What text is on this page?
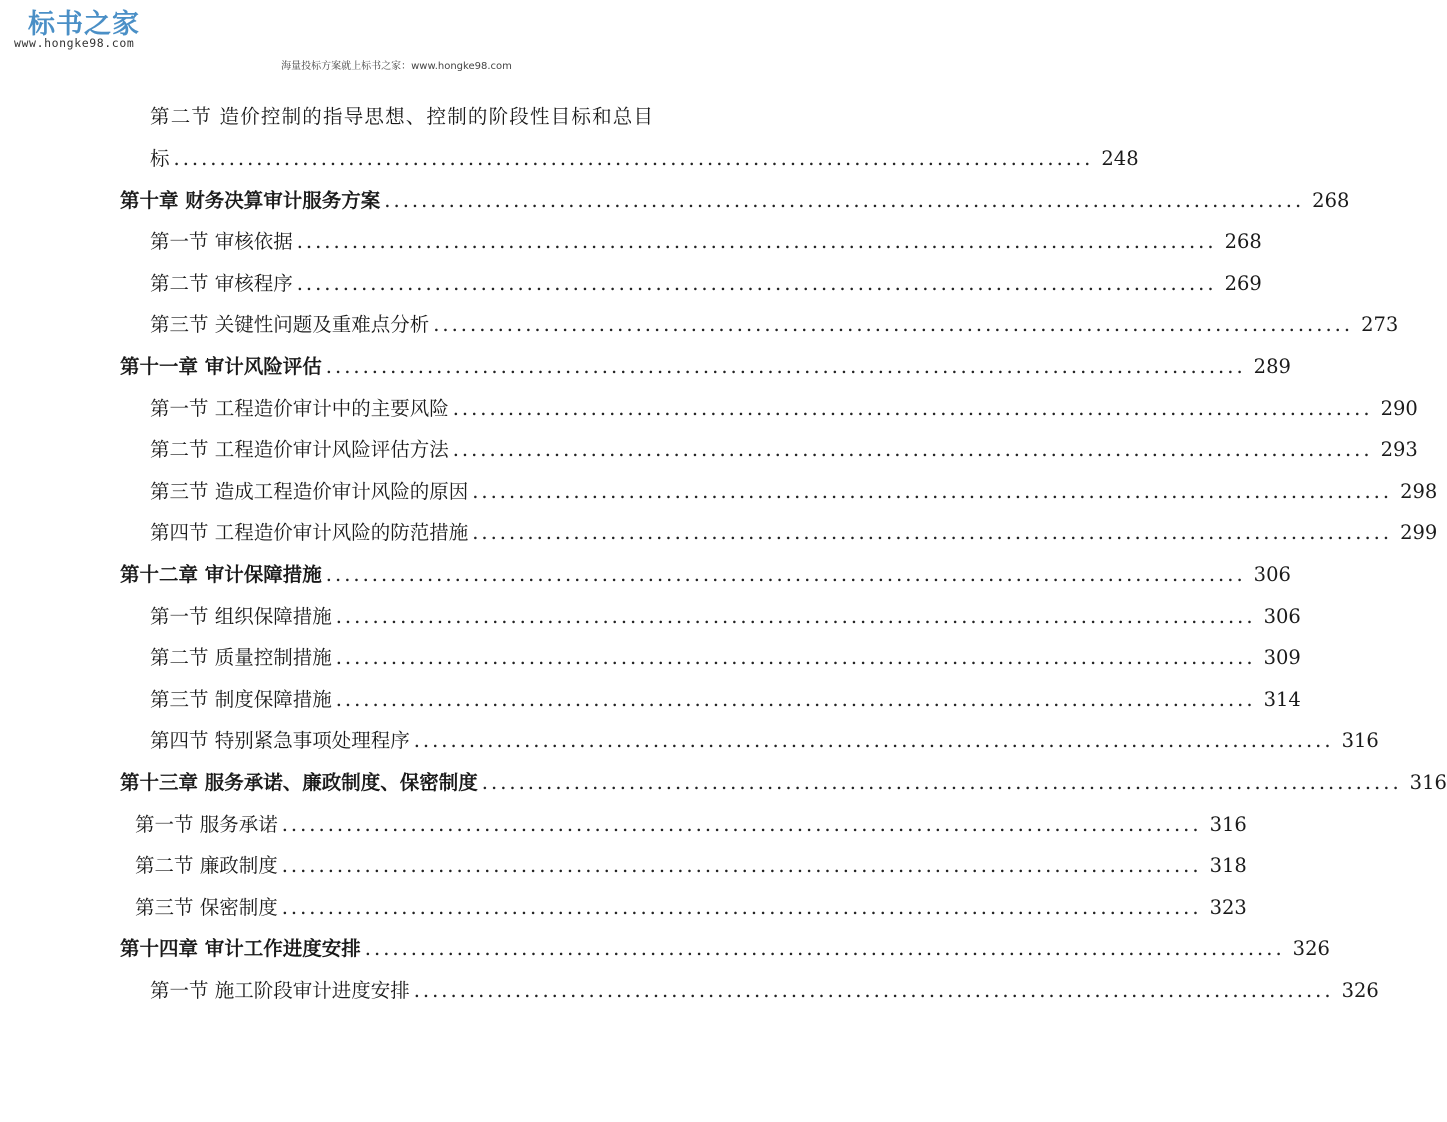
标书之家
www.hongke98.com
海量投标方案就上标书之家：www.hongke98.com
第二节 造价控制的指导思想、控制的阶段性目标和总目
标 .................................................................................................... 248
第十章 财务决算审计服务方案 .................................................................................................... 268
第一节 审核依据 .................................................................................................... 268
第二节 审核程序 .................................................................................................... 269
第三节 关键性问题及重难点分析 .................................................................................................... 273
第十一章 审计风险评估 .................................................................................................... 289
第一节 工程造价审计中的主要风险 .................................................................................................... 290
第二节 工程造价审计风险评估方法 .................................................................................................... 293
第三节 造成工程造价审计风险的原因 .................................................................................................... 298
第四节 工程造价审计风险的防范措施 .................................................................................................... 299
第十二章 审计保障措施 .................................................................................................... 306
第一节 组织保障措施 .................................................................................................... 306
第二节 质量控制措施 .................................................................................................... 309
第三节 制度保障措施 .................................................................................................... 314
第四节 特别紧急事项处理程序 .................................................................................................... 316
第十三章 服务承诺、廉政制度、保密制度 .................................................................................................... 316
第一节 服务承诺 .................................................................................................... 316
第二节 廉政制度 .................................................................................................... 318
第三节 保密制度 .................................................................................................... 323
第十四章 审计工作进度安排 .................................................................................................... 326
第一节 施工阶段审计进度安排 .................................................................................................... 326
